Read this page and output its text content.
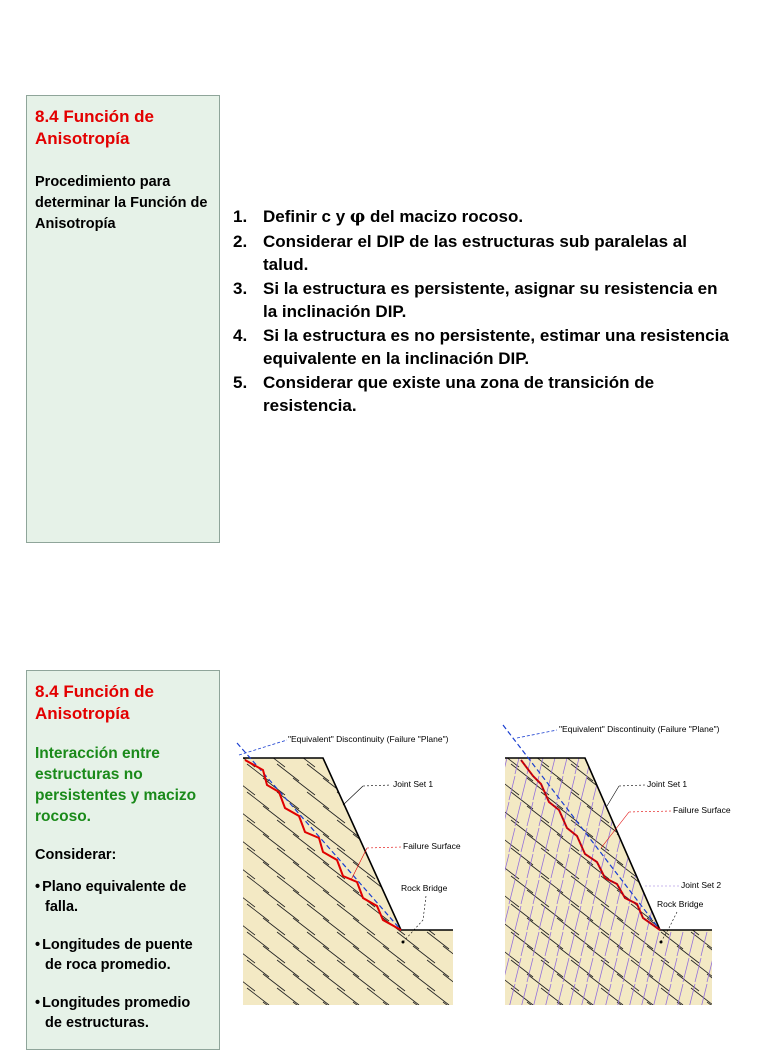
8.4 Función de Anisotropía
Procedimiento para determinar la Función de Anisotropía	1. Definir c y φ del macizo rocoso.
2. Considerar el DIP de las estructuras sub paralelas al talud.
3. Si la estructura es persistente, asignar su resistencia en la inclinación DIP.
4. Si la estructura es no persistente, estimar una resistencia equivalente en la inclinación DIP.
5. Considerar que existe una zona de transición de resistencia.
8.4 Función de Anisotropía
Interacción entre estructuras no persistentes y macizo rocoso.
Considerar:
• Plano equivalente de falla.
• Longitudes de puente de roca promedio.
• Longitudes promedio de estructuras.
"Equivalent" Discontinuity (Failure "Plane")
Joint Set 1
Failure Surface
Rock Bridge
"Equivalent" Discontinuity (Failure "Plane")
Joint Set 1
Failure Surface
Joint Set 2
Rock Bridge
